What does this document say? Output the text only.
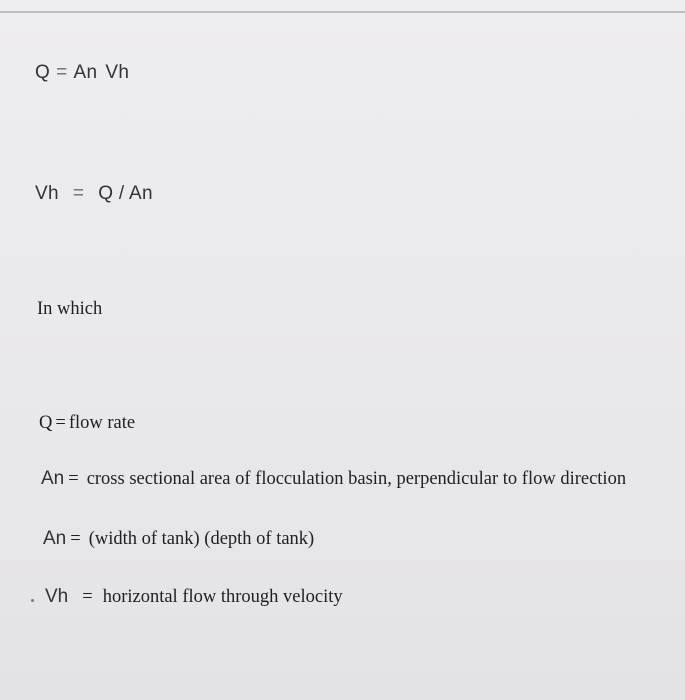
Q = An Vh
Vh = Q / An
In which
Q = flow rate
An = cross sectional area of flocculation basin, perpendicular to flow direction
An = (width of tank) (depth of tank)
Vh = horizontal flow through velocity
